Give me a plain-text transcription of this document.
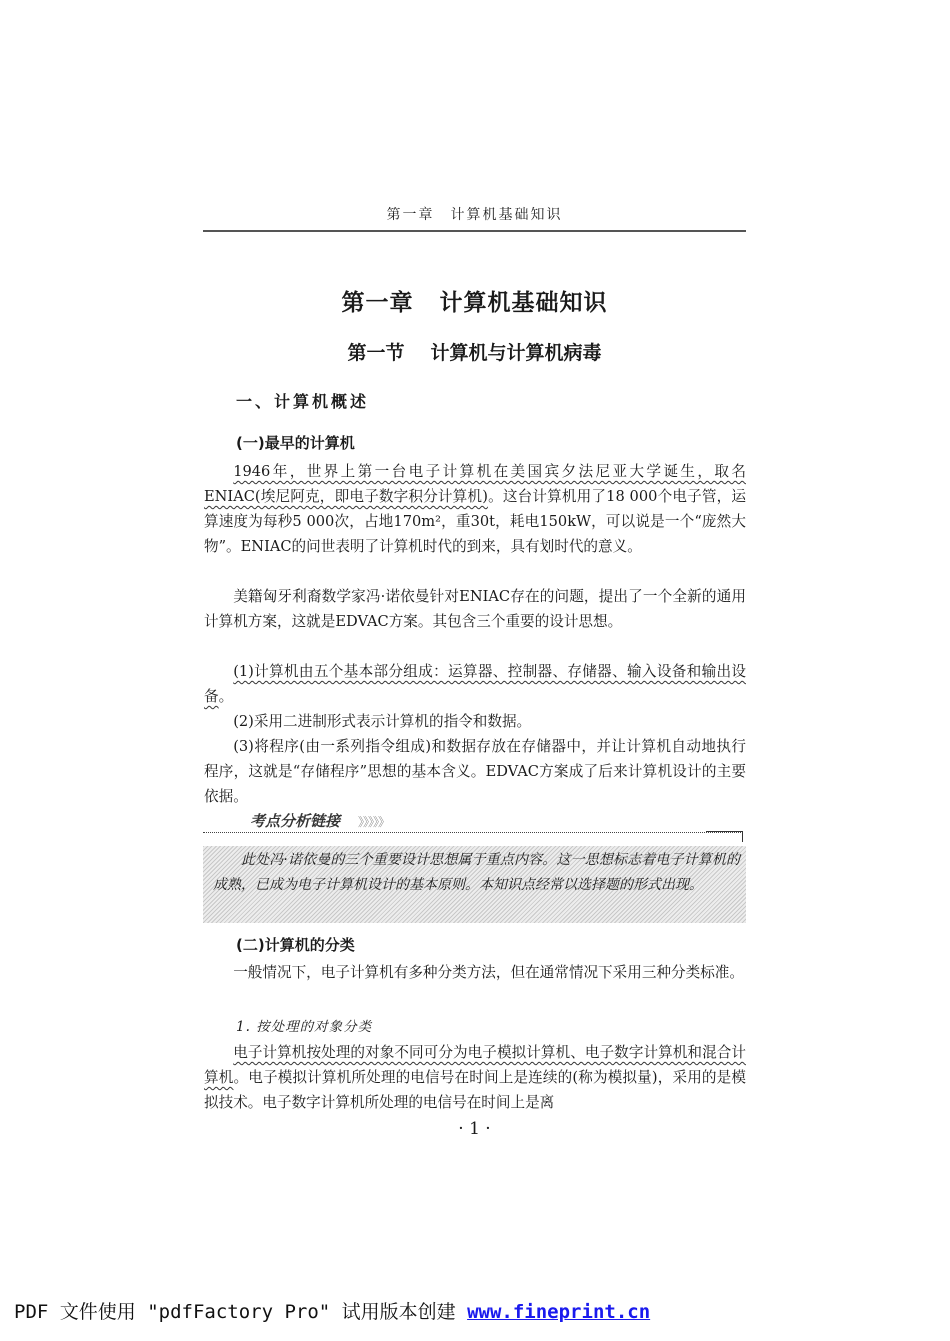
第一章　计算机基础知识
第一章 计算机基础知识
第一节 计算机与计算机病毒
一、计算机概述
(一)最早的计算机

1946年，世界上第一台电子计算机在美国宾夕法尼亚大学诞生，取名ENIAC(埃尼阿克，即电子数字积分计算机)。这台计算机用了18 000个电子管，运算速度为每秒5 000次，占地170m²，重30t，耗电150kW，可以说是一个“庞然大物”。ENIAC的问世表明了计算机时代的到来，具有划时代的意义。

美籍匈牙利裔数学家冯·诺依曼针对ENIAC存在的问题，提出了一个全新的通用计算机方案，这就是EDVAC方案。其包含三个重要的设计思想。

(1)计算机由五个基本部分组成：运算器、控制器、存储器、输入设备和输出设备。

(2)采用二进制形式表示计算机的指令和数据。

(3)将程序(由一系列指令组成)和数据存放在存储器中，并让计算机自动地执行程序，这就是“存储程序”思想的基本含义。EDVAC方案成了后来计算机设计的主要依据。

考点分析链接 》》》》》

此处冯·诺依曼的三个重要设计思想属于重点内容。这一思想标志着电子计算机的成熟，已成为电子计算机设计的基本原则。本知识点经常以选择题的形式出现。

(二)计算机的分类

一般情况下，电子计算机有多种分类方法，但在通常情况下采用三种分类标准。

1. 按处理的对象分类

电子计算机按处理的对象不同可分为电子模拟计算机、电子数字计算机和混合计算机。电子模拟计算机所处理的电信号在时间上是连续的(称为模拟量)，采用的是模拟技术。电子数字计算机所处理的电信号在时间上是离

· 1 ·
PDF 文件使用 "pdfFactory Pro" 试用版本创建 www.fineprint.cn
